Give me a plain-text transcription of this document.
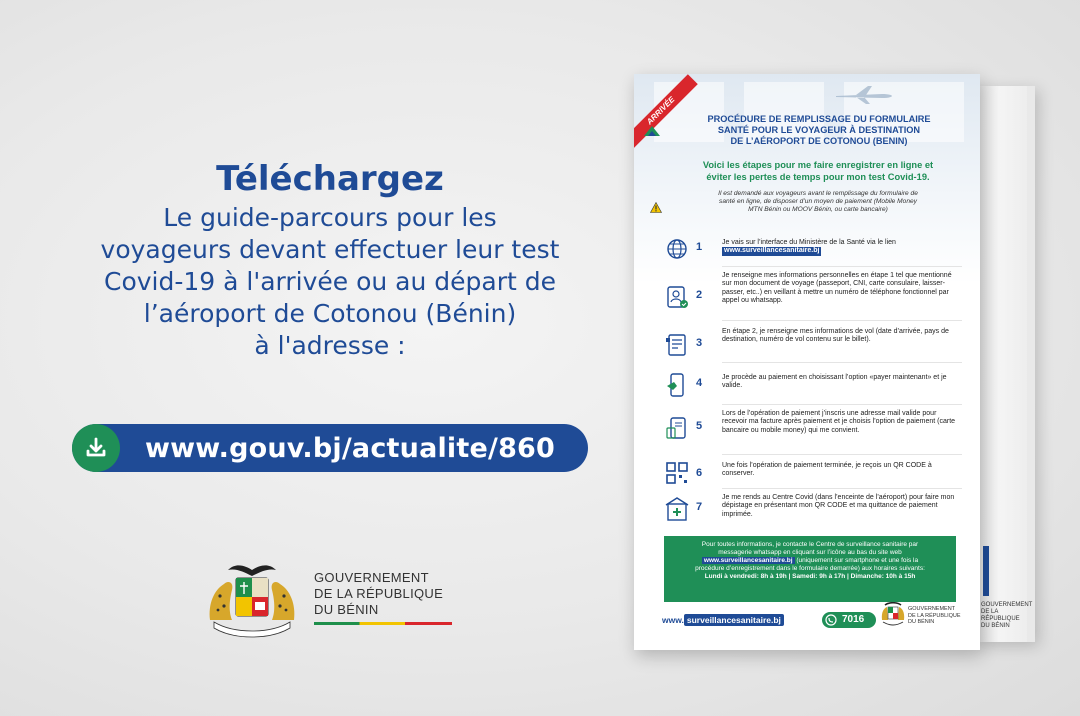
Téléchargez
Le guide-parcours pour les
voyageurs devant effectuer leur test
Covid-19 à l'arrivée ou au départ de
l’aéroport de Cotonou (Bénin)
à l'adresse :
www.gouv.bj/actualite/860
GOUVERNEMENT
DE LA RÉPUBLIQUE
DU BÉNIN	GOUVERNEMENT
DE LA RÉPUBLIQUE
DU BÉNIN
ARRIVÉE	PROCÉDURE DE REMPLISSAGE DU FORMULAIRE
SANTÉ POUR LE VOYAGEUR À DESTINATION
DE L’AÉROPORT DE COTONOU (BENIN)
Voici les étapes pour me faire enregistrer en ligne et
éviter les pertes de temps pour mon test Covid-19.
Il est demandé aux voyageurs avant le remplissage du formulaire de
santé en ligne, de disposer d’un moyen de paiement (Mobile Money
MTN Bénin ou MOOV Bénin, ou carte bancaire)
1	Je vais sur l’interface du Ministère de la Santé via le lien
www.surveillancesanitaire.bj
2
Je renseigne mes informations personnelles en étape 1 tel que mentionné sur mon document de voyage (passeport, CNI, carte consulaire, laisser-passer, etc..) en veillant à mettre un numéro de téléphone fonctionnel par appel ou whatsapp.
3
En étape 2, je renseigne mes informations de vol (date d’arrivée, pays de destination, numéro de vol contenu sur le billet).
4	Je procède au paiement en choisissant l’option «payer maintenant» et je valide.
5
Lors de l’opération de paiement j’inscris une adresse mail valide pour recevoir ma facture après paiement et je choisis l’option de paiement (carte bancaire ou mobile money) qui me convient.
6
Une fois l’opération de paiement terminée, je reçois un QR CODE à conserver.
7
Je me rends au Centre Covid (dans l’enceinte de l’aéroport) pour faire mon dépistage en présentant mon QR CODE et ma quittance de paiement imprimée.
Pour toutes informations, je contacte le Centre de surveillance sanitaire par
messagerie whatsapp en cliquant sur l’icône au bas du site web
www.surveillancesanitaire.bj (uniquement sur smartphone et une fois la
procédure d’enregistrement dans le formulaire demarrée) aux horaires suivants:
Lundi à vendredi: 8h à 19h | Samedi: 9h à 17h | Dimanche: 10h à 15h
www. surveillancesanitaire.bj	7016
GOUVERNEMENT
DE LA RÉPUBLIQUE
DU BÉNIN
